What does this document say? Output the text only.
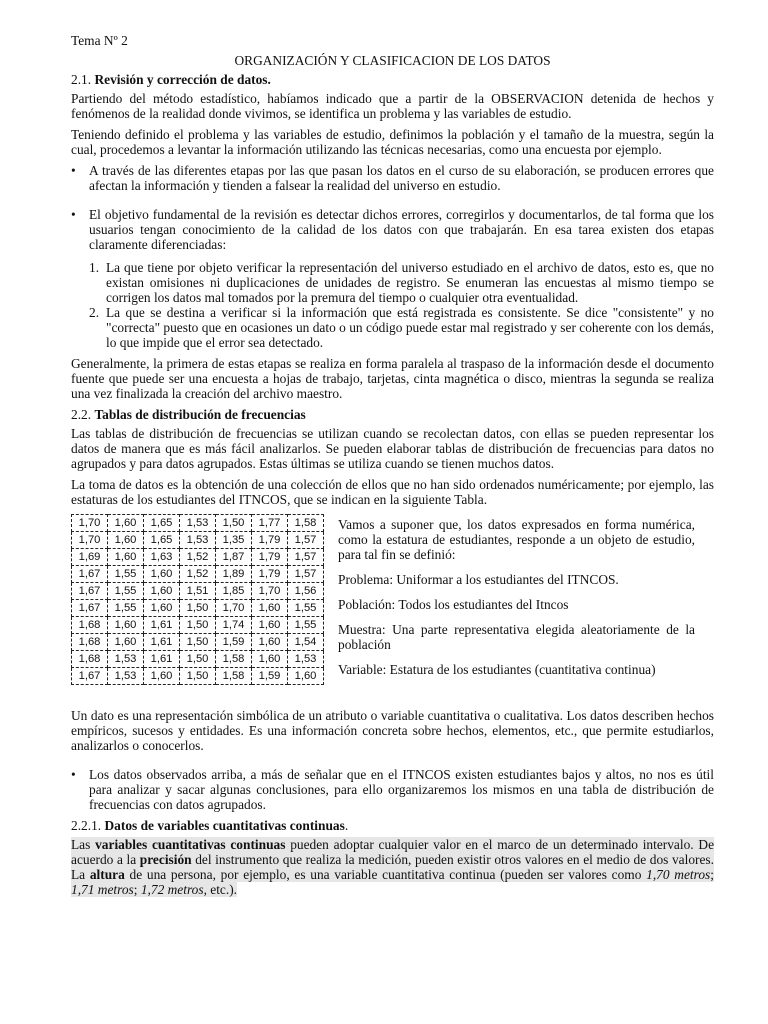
Tema Nº 2

ORGANIZACIÓN Y CLASIFICACION DE LOS DATOS

2.1. Revisión y corrección de datos.

Partiendo del método estadístico, habíamos indicado que a partir de la OBSERVACION detenida de hechos y fenómenos de la realidad donde vivimos, se identifica un problema y las variables de estudio.

Teniendo definido el problema y las variables de estudio, definimos la población y el tamaño de la muestra, según la cual, procedemos a levantar la información utilizando las técnicas necesarias, como una encuesta por ejemplo.

• A través de las diferentes etapas por las que pasan los datos en el curso de su elaboración, se producen errores que afectan la información y tienden a falsear la realidad del universo en estudio.

• El objetivo fundamental de la revisión es detectar dichos errores, corregirlos y documentarlos, de tal forma que los usuarios tengan conocimiento de la calidad de los datos con que trabajarán. En esa tarea existen dos etapas claramente diferenciadas:

1. La que tiene por objeto verificar la representación del universo estudiado en el archivo de datos, esto es, que no existan omisiones ni duplicaciones de unidades de registro. Se enumeran las encuestas al mismo tiempo se corrigen los datos mal tomados por la premura del tiempo o cualquier otra eventualidad.

2. La que se destina a verificar si la información que está registrada es consistente. Se dice "consistente" y no "correcta" puesto que en ocasiones un dato o un código puede estar mal registrado y ser coherente con los demás, lo que impide que el error sea detectado.

Generalmente, la primera de estas etapas se realiza en forma paralela al traspaso de la información desde el documento fuente que puede ser una encuesta a hojas de trabajo, tarjetas, cinta magnética o disco, mientras la segunda se realiza una vez finalizada la creación del archivo maestro.

2.2. Tablas de distribución de frecuencias

Las tablas de distribución de frecuencias se utilizan cuando se recolectan datos, con ellas se pueden representar los datos de manera que es más fácil analizarlos. Se pueden elaborar tablas de distribución de frecuencias para datos no agrupados y para datos agrupados. Estas últimas se utiliza cuando se tienen muchos datos.

La toma de datos es la obtención de una colección de ellos que no han sido ordenados numéricamente; por ejemplo, las estaturas de los estudiantes del ITNCOS, que se indican en la siguiente Tabla.

1,70	1,60	1,65	1,53	1,50	1,77	1,58
1,70	1,60	1,65	1,53	1,35	1,79	1,57
1,69	1,60	1,63	1,52	1,87	1,79	1,57
1,67	1,55	1,60	1,52	1,89	1,79	1,57
1,67	1,55	1,60	1,51	1,85	1,70	1,56
1,67	1,55	1,60	1,50	1,70	1,60	1,55
1,68	1,60	1,61	1,50	1,74	1,60	1,55
1,68	1,60	1,61	1,50	1,59	1,60	1,54
1,68	1,53	1,61	1,50	1,58	1,60	1,53
1,67	1,53	1,60	1,50	1,58	1,59	1,60

Vamos a suponer que, los datos expresados en forma numérica, como la estatura de estudiantes, responde a un objeto de estudio, para tal fin se definió:

Problema: Uniformar a los estudiantes del ITNCOS.

Población: Todos los estudiantes del Itncos

Muestra: Una parte representativa elegida aleatoriamente de la población

Variable: Estatura de los estudiantes (cuantitativa continua)

Un dato es una representación simbólica de un atributo o variable cuantitativa o cualitativa. Los datos describen hechos empíricos, sucesos y entidades. Es una información concreta sobre hechos, elementos, etc., que permite estudiarlos, analizarlos o conocerlos.

• Los datos observados arriba, a más de señalar que en el ITNCOS existen estudiantes bajos y altos, no nos es útil para analizar y sacar algunas conclusiones, para ello organizaremos los mismos en una tabla de distribución de frecuencias con datos agrupados.

2.2.1. Datos de variables cuantitativas continuas.

Las variables cuantitativas continuas pueden adoptar cualquier valor en el marco de un determinado intervalo. De acuerdo a la precisión del instrumento que realiza la medición, pueden existir otros valores en el medio de dos valores. La altura de una persona, por ejemplo, es una variable cuantitativa continua (pueden ser valores como 1,70 metros; 1,71 metros; 1,72 metros, etc.).
